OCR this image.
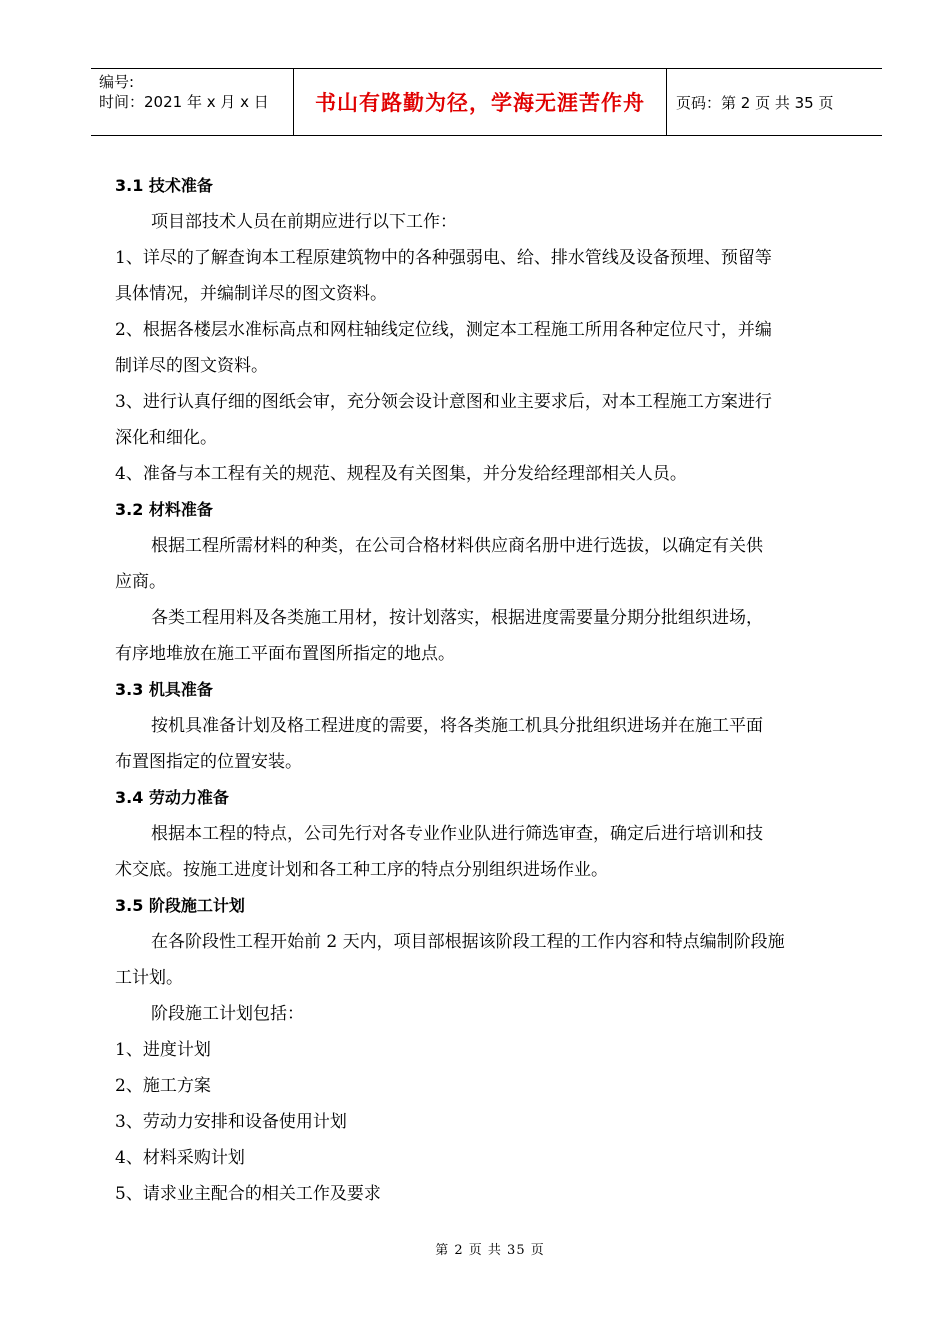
编号:
时间：2021 年 x 月 x 日	书山有路勤为径，学海无涯苦作舟	页码：第 2 页 共 35 页
3.1 技术准备
项目部技术人员在前期应进行以下工作：
1、详尽的了解查询本工程原建筑物中的各种强弱电、给、排水管线及设备预埋、预留等
具体情况，并编制详尽的图文资料。
2、根据各楼层水准标高点和网柱轴线定位线，测定本工程施工所用各种定位尺寸，并编
制详尽的图文资料。
3、进行认真仔细的图纸会审，充分领会设计意图和业主要求后，对本工程施工方案进行
深化和细化。
4、准备与本工程有关的规范、规程及有关图集，并分发给经理部相关人员。
3.2 材料准备
根据工程所需材料的种类，在公司合格材料供应商名册中进行选拔，以确定有关供
应商。
各类工程用料及各类施工用材，按计划落实，根据进度需要量分期分批组织进场，
有序地堆放在施工平面布置图所指定的地点。
3.3 机具准备
按机具准备计划及格工程进度的需要，将各类施工机具分批组织进场并在施工平面
布置图指定的位置安装。
3.4 劳动力准备
根据本工程的特点，公司先行对各专业作业队进行筛选审查，确定后进行培训和技
术交底。按施工进度计划和各工种工序的特点分别组织进场作业。
3.5 阶段施工计划
在各阶段性工程开始前 2 天内，项目部根据该阶段工程的工作内容和特点编制阶段施
工计划。
阶段施工计划包括：
1、进度计划
2、施工方案
3、劳动力安排和设备使用计划
4、材料采购计划
5、请求业主配合的相关工作及要求
第 2 页 共 35 页
